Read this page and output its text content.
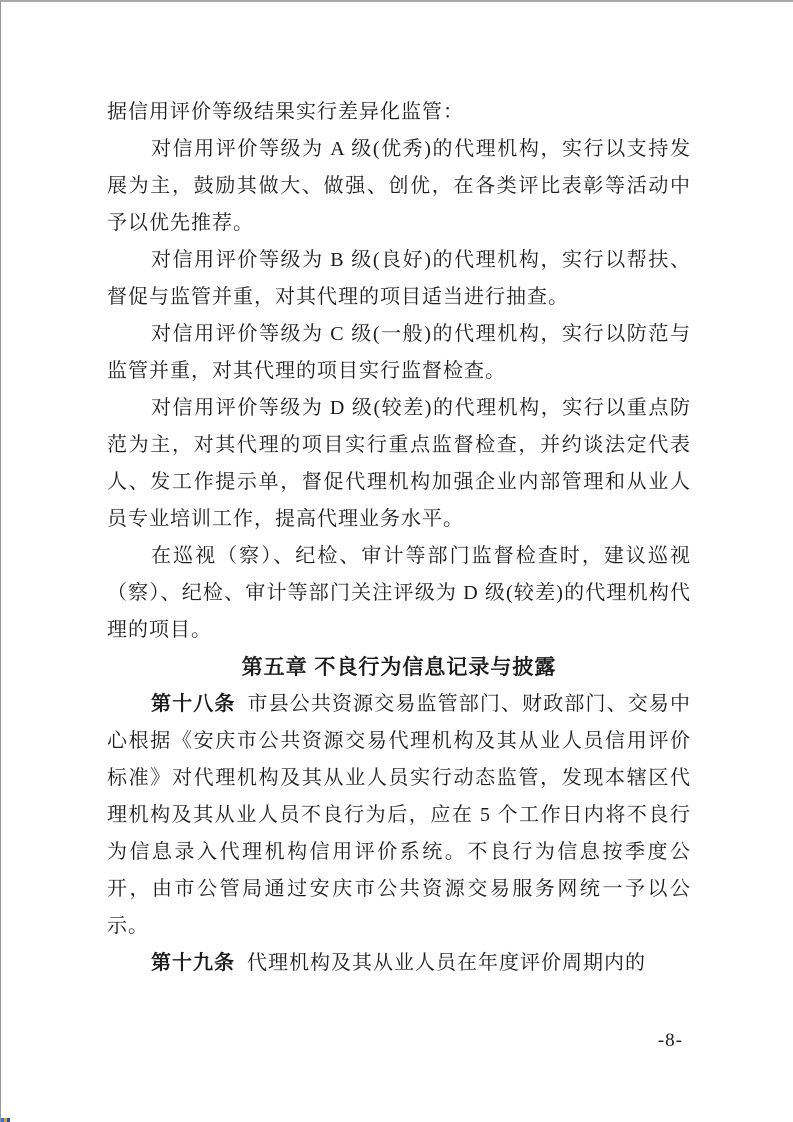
据信用评价等级结果实行差异化监管：

对信用评价等级为 A 级(优秀)的代理机构，实行以支持发展为主，鼓励其做大、做强、创优，在各类评比表彰等活动中予以优先推荐。

对信用评价等级为 B 级(良好)的代理机构，实行以帮扶、督促与监管并重，对其代理的项目适当进行抽查。

对信用评价等级为 C 级(一般)的代理机构，实行以防范与监管并重，对其代理的项目实行监督检查。

对信用评价等级为 D 级(较差)的代理机构，实行以重点防范为主，对其代理的项目实行重点监督检查，并约谈法定代表人、发工作提示单，督促代理机构加强企业内部管理和从业人员专业培训工作，提高代理业务水平。

在巡视（察）、纪检、审计等部门监督检查时，建议巡视（察）、纪检、审计等部门关注评级为 D 级(较差)的代理机构代理的项目。

第五章 不良行为信息记录与披露

第十八条 市县公共资源交易监管部门、财政部门、交易中心根据《安庆市公共资源交易代理机构及其从业人员信用评价标准》对代理机构及其从业人员实行动态监管，发现本辖区代理机构及其从业人员不良行为后，应在 5 个工作日内将不良行为信息录入代理机构信用评价系统。不良行为信息按季度公开，由市公管局通过安庆市公共资源交易服务网统一予以公示。

第十九条 代理机构及其从业人员在年度评价周期内的

-8-
